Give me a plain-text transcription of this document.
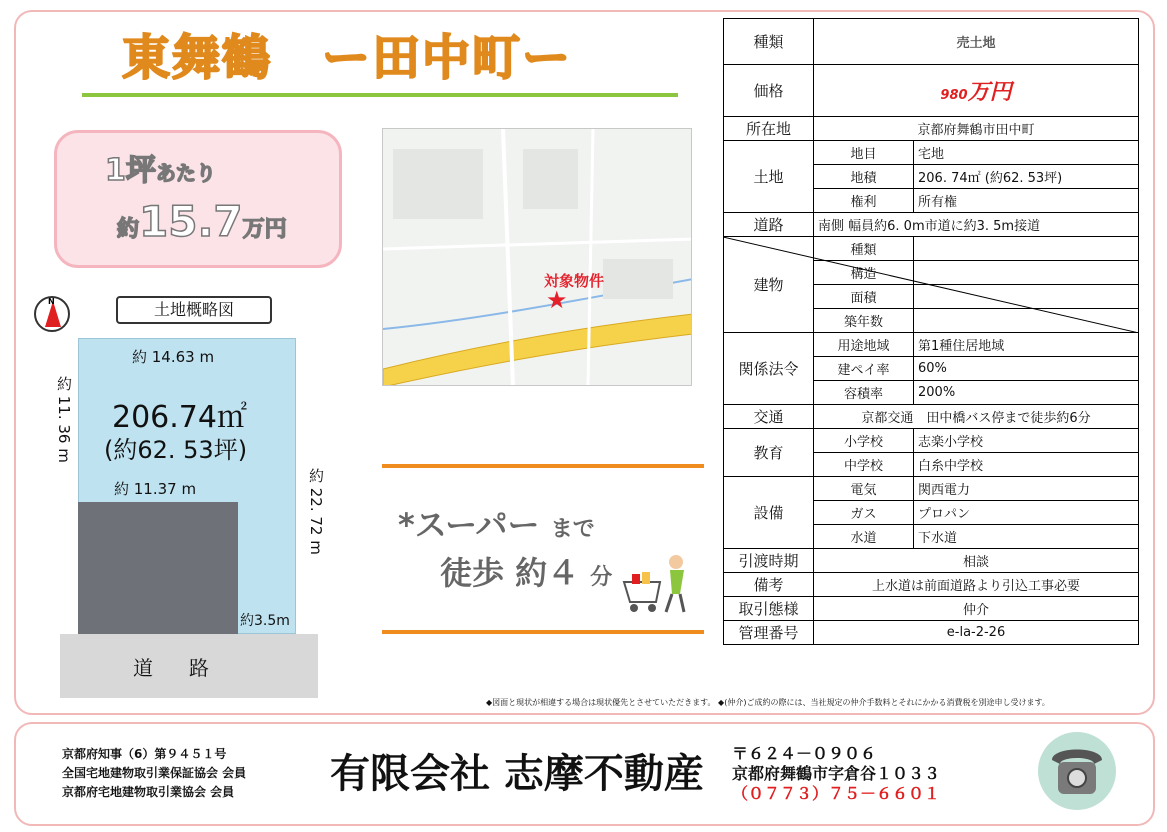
東舞鶴　ー田中町ー
1坪あたり
約15.7万円
N	土地概略図
道路
約 14.63 m
206.74㎡
(約62. 53坪)
約 11. 36 m
約 22. 72 m
約 11.37 m
約3.5m
対象物件
★
*スーパー まで
徒歩 約４ 分
種類	売土地	
価格	980万円	
所在地	京都府舞鶴市田中町	
土地	地目	宅地
	地積	206. 74㎡ (約62. 53坪)
	権利	所有権
道路	南側 幅員約6. 0m市道に約3. 5m接道	
建物	種類	
	構造	
	面積	
	築年数	
関係法令	用途地域	第1種住居地域
	建ペイ率	60%
	容積率	200%
交通	京都交通　田中橋バス停まで徒歩約6分	
教育	小学校	志楽小学校
	中学校	白糸中学校
設備	電気	関西電力
	ガス	プロパン
	水道	下水道
引渡時期	相談	
備考	上水道は前面道路より引込工事必要	
取引態様	仲介	
管理番号	e-la-2-26	
◆図面と現状が相違する場合は現状優先とさせていただきます。 ◆(仲介)ご成約の際には、当社規定の仲介手数料とそれにかかる消費税を別途申し受けます。
京都府知事（6）第９４５１号
全国宅地建物取引業保証協会 会員
京都府宅地建物取引業協会 会員	有限会社 志摩不動産 〒６２４－０９０６
京都府舞鶴市字倉谷１０３３
（０７７３）７５－６６０１
